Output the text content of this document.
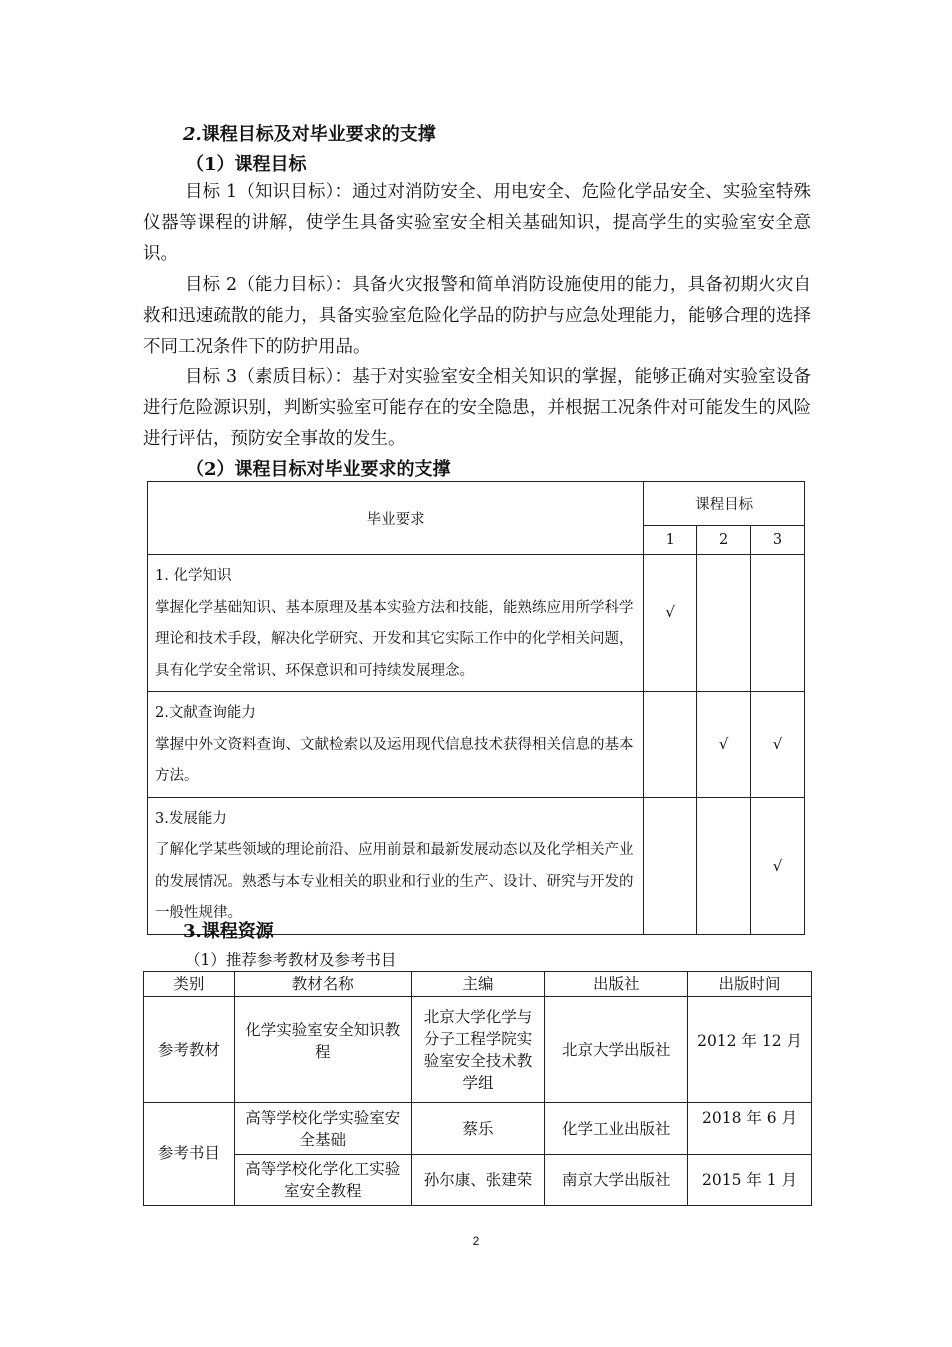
2.课程目标及对毕业要求的支撑
（1）课程目标
目标 1（知识目标）：通过对消防安全、用电安全、危险化学品安全、实验室特殊仪器等课程的讲解，使学生具备实验室安全相关基础知识，提高学生的实验室安全意识。
目标 2（能力目标）：具备火灾报警和简单消防设施使用的能力，具备初期火灾自救和迅速疏散的能力，具备实验室危险化学品的防护与应急处理能力，能够合理的选择不同工况条件下的防护用品。
目标 3（素质目标）：基于对实验室安全相关知识的掌握，能够正确对实验室设备进行危险源识别，判断实验室可能存在的安全隐患，并根据工况条件对可能发生的风险进行评估，预防安全事故的发生。
（2）课程目标对毕业要求的支撑
毕业要求	课程目标		
	1	2	3

1. 化学知识
掌握化学基础知识、基本原理及基本实验方法和技能，能熟练应用所学科学理论和技术手段，解决化学研究、开发和其它实际工作中的化学相关问题，具有化学安全常识、环保意识和可持续发展理念。	√		

2.文献查询能力
掌握中外文资料查询、文献检索以及运用现代信息技术获得相关信息的基本方法。		√	√

3.发展能力
了解化学某些领域的理论前沿、应用前景和最新发展动态以及化学相关产业的发展情况。熟悉与本专业相关的职业和行业的生产、设计、研究与开发的一般性规律。			√
3.课程资源
（1）推荐参考教材及参考书目
类别	教材名称	主编	出版社	出版时间
参考教材	化学实验室安全知识教程	北京大学化学与分子工程学院实验室安全技术教学组	北京大学出版社	2012 年 12 月
参考书目	高等学校化学实验室安全基础	蔡乐	化学工业出版社	2018 年 6 月
	高等学校化学化工实验室安全教程	孙尔康、张建荣	南京大学出版社	2015 年 1 月
2
